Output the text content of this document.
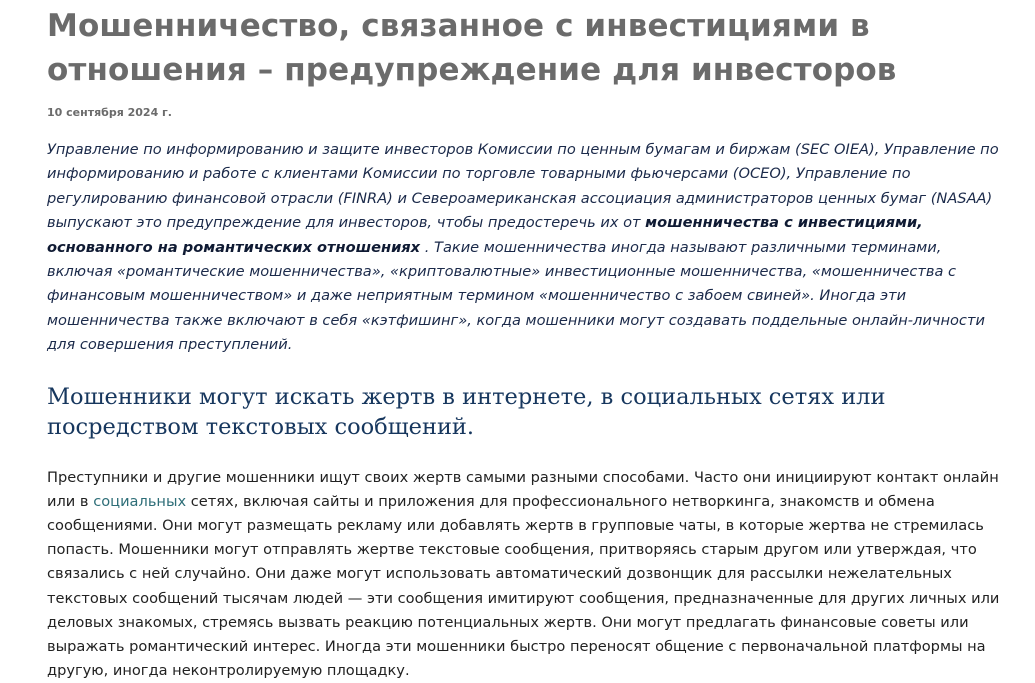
Мошенничество, связанное с инвестициями в отношения – предупреждение для инвесторов
10 сентября 2024 г.

Управление по информированию и защите инвесторов Комиссии по ценным бумагам и биржам (SEC OIEA), Управление по информированию и работе с клиентами Комиссии по торговле товарными фьючерсами (OCEO), Управление по регулированию финансовой отрасли (FINRA) и Североамериканская ассоциация администраторов ценных бумаг (NASAA) выпускают это предупреждение для инвесторов, чтобы предостеречь их от мошенничества с инвестициями, основанного на романтических отношениях . Такие мошенничества иногда называют различными терминами, включая «романтические мошенничества», «криптовалютные» инвестиционные мошенничества, «мошенничества с финансовым мошенничеством» и даже неприятным термином «мошенничество с забоем свиней». Иногда эти мошенничества также включают в себя «кэтфишинг», когда мошенники могут создавать поддельные онлайн-личности для совершения преступлений.

Мошенники могут искать жертв в интернете, в социальных сетях или посредством текстовых сообщений.

Преступники и другие мошенники ищут своих жертв самыми разными способами. Часто они инициируют контакт онлайн или в социальных сетях, включая сайты и приложения для профессионального нетворкинга, знакомств и обмена сообщениями. Они могут размещать рекламу или добавлять жертв в групповые чаты, в которые жертва не стремилась попасть. Мошенники могут отправлять жертве текстовые сообщения, притворяясь старым другом или утверждая, что связались с ней случайно. Они даже могут использовать автоматический дозвонщик для рассылки нежелательных текстовых сообщений тысячам людей — эти сообщения имитируют сообщения, предназначенные для других личных или деловых знакомых, стремясь вызвать реакцию потенциальных жертв. Они могут предлагать финансовые советы или выражать романтический интерес. Иногда эти мошенники быстро переносят общение с первоначальной платформы на другую, иногда неконтролируемую площадку.
